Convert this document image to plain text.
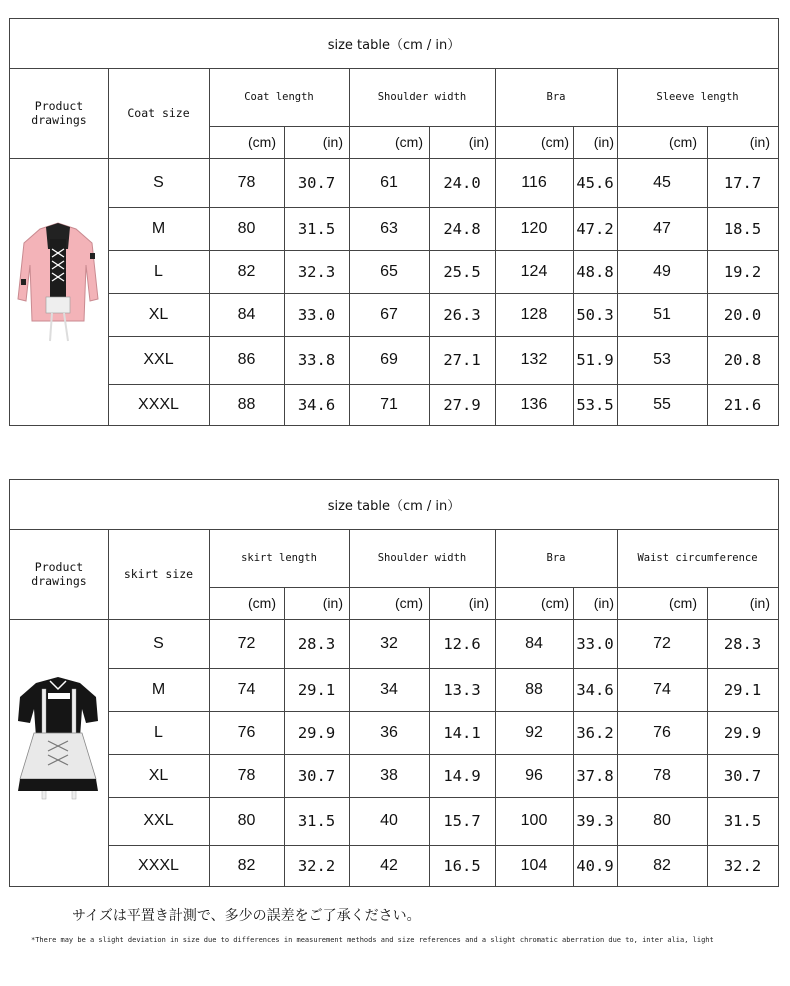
size table（cm / in）
Product drawings	Coat size
Coat length	Shoulder width	Bra	Sleeve length
(cm)	(in)	(cm)	(in)	(cm)	(in)	(cm)	(in)
S	78	30.7	61	24.0	116	45.6	45	17.7
M	80	31.5	63	24.8	120	47.2	47	18.5
L	82	32.3	65	25.5	124	48.8	49	19.2
XL	84	33.0	67	26.3	128	50.3	51	20.0
XXL	86	33.8	69	27.1	132	51.9	53	20.8
XXXL	88	34.6	71	27.9	136	53.5	55	21.6
size table（cm / in）
Product drawings	skirt size
skirt length	Shoulder width	Bra	Waist circumference
(cm)	(in)	(cm)	(in)	(cm)	(in)	(cm)	(in)
S	72	28.3	32	12.6	84	33.0	72	28.3
M	74	29.1	34	13.3	88	34.6	74	29.1
L	76	29.9	36	14.1	92	36.2	76	29.9
XL	78	30.7	38	14.9	96	37.8	78	30.7
XXL	80	31.5	40	15.7	100	39.3	80	31.5
XXXL	82	32.2	42	16.5	104	40.9	82	32.2
サイズは平置き計測で、多少の誤差をご了承ください。
*There may be a slight deviation in size due to differences in measurement methods and size references and a slight chromatic aberration due to, inter alia, light
